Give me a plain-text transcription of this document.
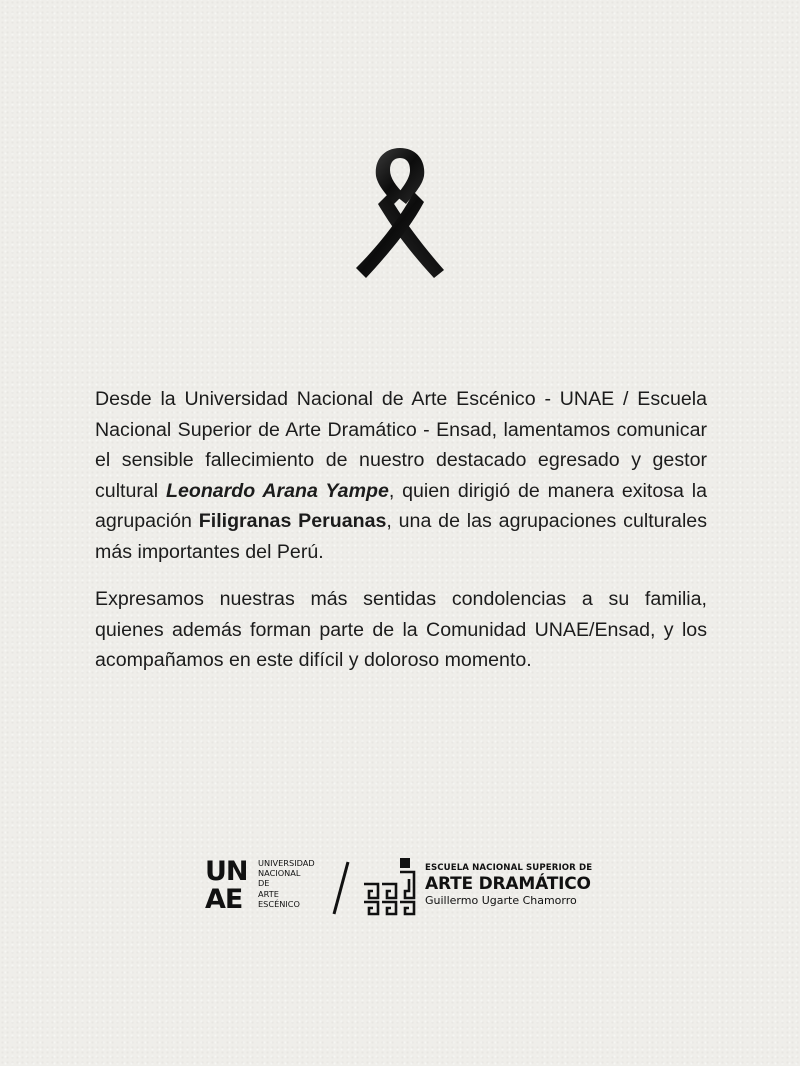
Desde la Universidad Nacional de Arte Escénico - UNAE / Escuela Nacional Superior de Arte Dramático - Ensad, lamentamos comunicar el sensible fallecimiento de nuestro destacado egresado y gestor cultural Leonardo Arana Yampe, quien dirigió de manera exitosa la agrupación Filigranas Peruanas, una de las agrupaciones culturales más importantes del Perú.

Expresamos nuestras más sentidas condolencias a su familia, quienes además forman parte de la Comunidad UNAE/Ensad, y los acompañamos en este difícil y doloroso momento.

UN
AE
UNIVERSIDAD
NACIONAL
DE
ARTE
ESCÉNICO
ESCUELA NACIONAL SUPERIOR DE
ARTE DRAMÁTICO
Guillermo Ugarte Chamorro
